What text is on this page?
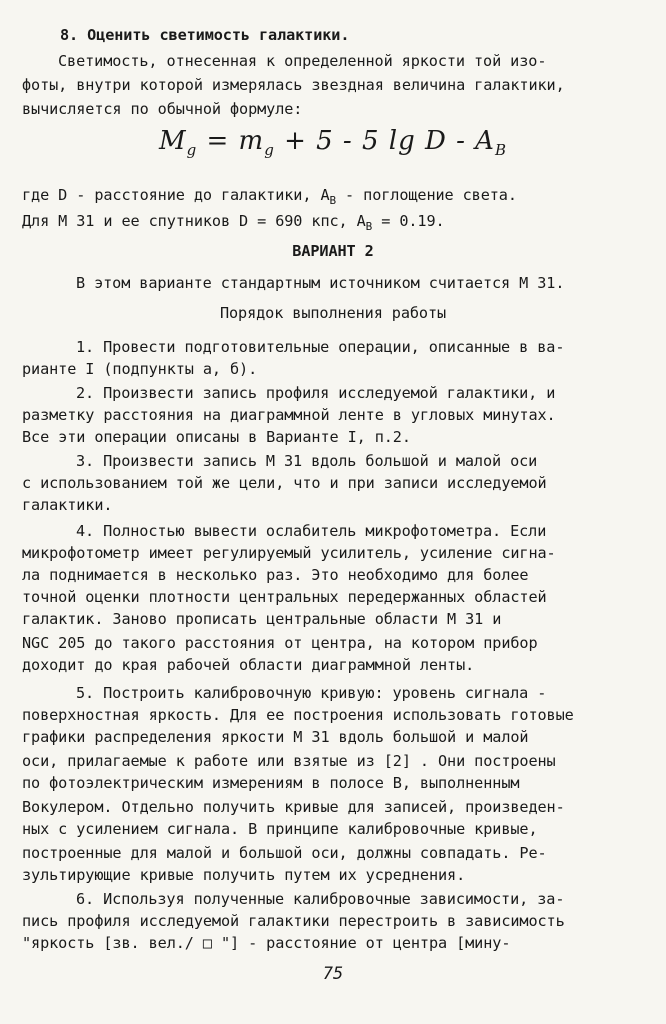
8. Оценить светимость галактики.
Светимость, отнесенная к определенной яркости той изо-
фоты, внутри которой измерялась звездная величина галактики,
вычисляется по обычной формуле:
$M_g = m_g + 5 - 5$ lg D - $A_B$
где D - расстояние до галактики, $A_B$ - поглощение света.
Для М 31 и ее спутников D = 690 кпс, $A_B = 0.19$.
ВАРИАНТ 2
В этом варианте стандартным источником считается М 31.
Порядок выполнения работы
1. Провести подготовительные операции, описанные в ва-
рианте I (подпункты а, б).
2. Произвести запись профиля исследуемой галактики, и
разметку расстояния на диаграммной ленте в угловых минутах.
Все эти операции описаны в Варианте I, п.2.
3. Произвести запись М 31 вдоль большой и малой оси
с использованием той же цели, что и при записи исследуемой
галактики.
4. Полностью вывести ослабитель микрофотометра. Если
микрофотометр имеет регулируемый усилитель, усиление сигна-
ла поднимается в несколько раз. Это необходимо для более
точной оценки плотности центральных передержанных областей
галактик. Заново прописать центральные области М 31 и
NGC 205 до такого расстояния от центра, на котором прибор
доходит до края рабочей области диаграммной ленты.
5. Построить калибровочную кривую: уровень сигнала -
поверхностная яркость. Для ее построения использовать готовые
графики распределения яркости М 31 вдоль большой и малой
оси, прилагаемые к работе или взятые из [2] . Они построены
по фотоэлектрическим измерениям в полосе В, выполненным
Вокулером. Отдельно получить кривые для записей, произведен-
ных с усилением сигнала. В принципе калибровочные кривые,
построенные для малой и большой оси, должны совпадать. Ре-
зультирующие кривые получить путем их усреднения.
6. Используя полученные калибровочные зависимости, за-
пись профиля исследуемой галактики перестроить в зависимость
"яркость [зв. вел./ □ "] - расстояние от центра [мину-
75
